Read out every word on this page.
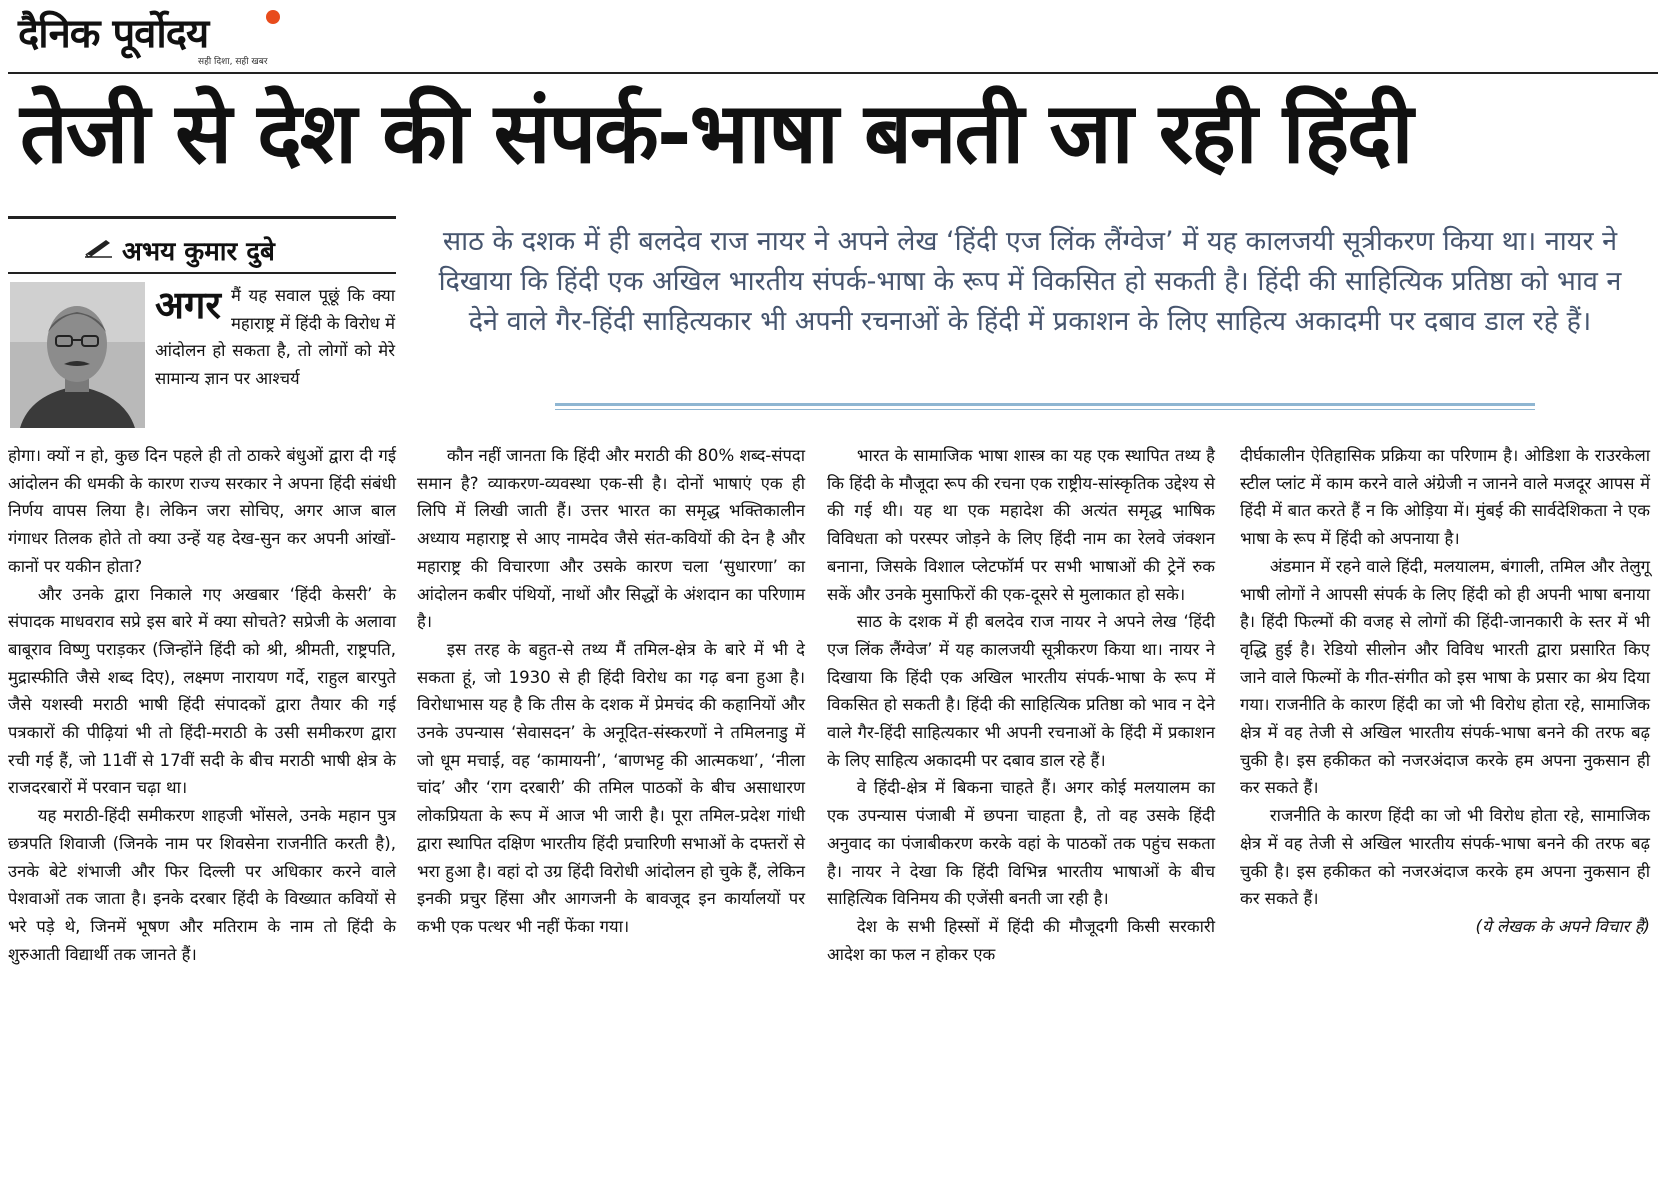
दैनिक पूर्वोदय
सही दिशा, सही खबर
तेजी से देश की संपर्क-भाषा बनती जा रही हिंदी
अभय कुमार दुबे	साठ के दशक में ही बलदेव राज नायर ने अपने लेख ‘हिंदी एज लिंक लैंग्वेज’ में यह कालजयी सूत्रीकरण किया था। नायर ने दिखाया कि हिंदी एक अखिल भारतीय संपर्क-भाषा के रूप में विकसित हो सकती है। हिंदी की साहित्यिक प्रतिष्ठा को भाव न देने वाले गैर-हिंदी साहित्यकार भी अपनी रचनाओं के हिंदी में प्रकाशन के लिए साहित्य अकादमी पर दबाव डाल रहे हैं।

अगर मैं यह सवाल पूछूं कि क्या महाराष्ट्र में हिंदी के विरोध में आंदोलन हो सकता है, तो लोगों को मेरे सामान्य ज्ञान पर आश्चर्य

होगा। क्यों न हो, कुछ दिन पहले ही तो ठाकरे बंधुओं द्वारा दी गई आंदोलन की धमकी के कारण राज्य सरकार ने अपना हिंदी संबंधी निर्णय वापस लिया है। लेकिन जरा सोचिए, अगर आज बाल गंगाधर तिलक होते तो क्या उन्हें यह देख-सुन कर अपनी आंखों-कानों पर यकीन होता?

और उनके द्वारा निकाले गए अखबार ‘हिंदी केसरी’ के संपादक माधवराव सप्रे इस बारे में क्या सोचते? सप्रेजी के अलावा बाबूराव विष्णु पराड़कर (जिन्होंने हिंदी को श्री, श्रीमती, राष्ट्रपति, मुद्रास्फीति जैसे शब्द दिए), लक्ष्मण नारायण गर्दे, राहुल बारपुते जैसे यशस्वी मराठी भाषी हिंदी संपादकों द्वारा तैयार की गई पत्रकारों की पीढ़ियां भी तो हिंदी-मराठी के उसी समीकरण द्वारा रची गई हैं, जो 11वीं से 17वीं सदी के बीच मराठी भाषी क्षेत्र के राजदरबारों में परवान चढ़ा था।

यह मराठी-हिंदी समीकरण शाहजी भोंसले, उनके महान पुत्र छत्रपति शिवाजी (जिनके नाम पर शिवसेना राजनीति करती है), उनके बेटे शंभाजी और फिर दिल्ली पर अधिकार करने वाले पेशवाओं तक जाता है। इनके दरबार हिंदी के विख्यात कवियों से भरे पड़े थे, जिनमें भूषण और मतिराम के नाम तो हिंदी के शुरुआती विद्यार्थी तक जानते हैं।

कौन नहीं जानता कि हिंदी और मराठी की 80% शब्द-संपदा समान है? व्याकरण-व्यवस्था एक-सी है। दोनों भाषाएं एक ही लिपि में लिखी जाती हैं। उत्तर भारत का समृद्ध भक्तिकालीन अध्याय महाराष्ट्र से आए नामदेव जैसे संत-कवियों की देन है और महाराष्ट्र की विचारणा और उसके कारण चला ‘सुधारणा’ का आंदोलन कबीर पंथियों, नाथों और सिद्धों के अंशदान का परिणाम है।

इस तरह के बहुत-से तथ्य मैं तमिल-क्षेत्र के बारे में भी दे सकता हूं, जो 1930 से ही हिंदी विरोध का गढ़ बना हुआ है। विरोधाभास यह है कि तीस के दशक में प्रेमचंद की कहानियों और उनके उपन्यास ‘सेवासदन’ के अनूदित-संस्करणों ने तमिलनाडु में जो धूम मचाई, वह ‘कामायनी’, ‘बाणभट्ट की आत्मकथा’, ‘नीला चांद’ और ‘राग दरबारी’ की तमिल पाठकों के बीच असाधारण लोकप्रियता के रूप में आज भी जारी है। पूरा तमिल-प्रदेश गांधी द्वारा स्थापित दक्षिण भारतीय हिंदी प्रचारिणी सभाओं के दफ्तरों से भरा हुआ है। वहां दो उग्र हिंदी विरोधी आंदोलन हो चुके हैं, लेकिन इनकी प्रचुर हिंसा और आगजनी के बावजूद इन कार्यालयों पर कभी एक पत्थर भी नहीं फेंका गया।

भारत के सामाजिक भाषा शास्त्र का यह एक स्थापित तथ्य है कि हिंदी के मौजूदा रूप की रचना एक राष्ट्रीय-सांस्कृतिक उद्देश्य से की गई थी। यह था एक महादेश की अत्यंत समृद्ध भाषिक विविधता को परस्पर जोड़ने के लिए हिंदी नाम का रेलवे जंक्शन बनाना, जिसके विशाल प्लेटफॉर्म पर सभी भाषाओं की ट्रेनें रुक सकें और उनके मुसाफिरों की एक-दूसरे से मुलाकात हो सके।

साठ के दशक में ही बलदेव राज नायर ने अपने लेख ‘हिंदी एज लिंक लैंग्वेज’ में यह कालजयी सूत्रीकरण किया था। नायर ने दिखाया कि हिंदी एक अखिल भारतीय संपर्क-भाषा के रूप में विकसित हो सकती है। हिंदी की साहित्यिक प्रतिष्ठा को भाव न देने वाले गैर-हिंदी साहित्यकार भी अपनी रचनाओं के हिंदी में प्रकाशन के लिए साहित्य अकादमी पर दबाव डाल रहे हैं।

वे हिंदी-क्षेत्र में बिकना चाहते हैं। अगर कोई मलयालम का एक उपन्यास पंजाबी में छपना चाहता है, तो वह उसके हिंदी अनुवाद का पंजाबीकरण करके वहां के पाठकों तक पहुंच सकता है। नायर ने देखा कि हिंदी विभिन्न भारतीय भाषाओं के बीच साहित्यिक विनिमय की एजेंसी बनती जा रही है।

देश के सभी हिस्सों में हिंदी की मौजूदगी किसी सरकारी आदेश का फल न होकर एक

दीर्घकालीन ऐतिहासिक प्रक्रिया का परिणाम है। ओडिशा के राउरकेला स्टील प्लांट में काम करने वाले अंग्रेजी न जानने वाले मजदूर आपस में हिंदी में बात करते हैं न कि ओड़िया में। मुंबई की सार्वदेशिकता ने एक भाषा के रूप में हिंदी को अपनाया है।

अंडमान में रहने वाले हिंदी, मलयालम, बंगाली, तमिल और तेलुगू भाषी लोगों ने आपसी संपर्क के लिए हिंदी को ही अपनी भाषा बनाया है। हिंदी फिल्मों की वजह से लोगों की हिंदी-जानकारी के स्तर में भी वृद्धि हुई है। रेडियो सीलोन और विविध भारती द्वारा प्रसारित किए जाने वाले फिल्मों के गीत-संगीत को इस भाषा के प्रसार का श्रेय दिया गया। राजनीति के कारण हिंदी का जो भी विरोध होता रहे, सामाजिक क्षेत्र में वह तेजी से अखिल भारतीय संपर्क-भाषा बनने की तरफ बढ़ चुकी है। इस हकीकत को नजरअंदाज करके हम अपना नुकसान ही कर सकते हैं।

राजनीति के कारण हिंदी का जो भी विरोध होता रहे, सामाजिक क्षेत्र में वह तेजी से अखिल भारतीय संपर्क-भाषा बनने की तरफ बढ़ चुकी है। इस हकीकत को नजरअंदाज करके हम अपना नुकसान ही कर सकते हैं।

(ये लेखक के अपने विचार हैं)
